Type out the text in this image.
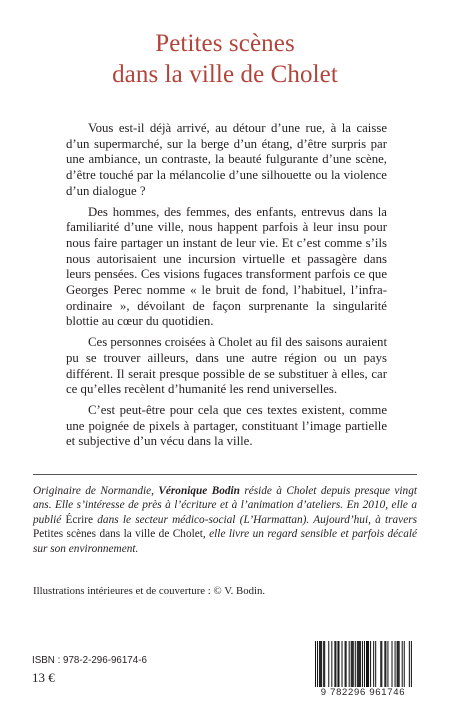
Petites scènes
dans la ville de Cholet

Vous est-il déjà arrivé, au détour d’une rue, à la caisse d’un supermarché, sur la berge d’un étang, d’être surpris par une ambiance, un contraste, la beauté fulgurante d’une scène, d’être touché par la mélancolie d’une silhouette ou la violence d’un dialogue ?

Des hommes, des femmes, des enfants, entrevus dans la familiarité d’une ville, nous happent parfois à leur insu pour nous faire partager un instant de leur vie. Et c’est comme s’ils nous autorisaient une incursion virtuelle et passagère dans leurs pensées. Ces visions fugaces transforment parfois ce que Georges Perec nomme « le bruit de fond, l’habituel, l’infra-ordinaire », dévoilant de façon surprenante la singularité blottie au cœur du quotidien.

Ces personnes croisées à Cholet au fil des saisons auraient pu se trouver ailleurs, dans une autre région ou un pays différent. Il serait presque possible de se substituer à elles, car ce qu’elles recèlent d’humanité les rend universelles.

C’est peut-être pour cela que ces textes existent, comme une poignée de pixels à partager, constituant l’image partielle et subjective d’un vécu dans la ville.

Originaire de Normandie, Véronique Bodin réside à Cholet depuis presque vingt ans. Elle s’intéresse de près à l’écriture et à l’animation d’ateliers. En 2010, elle a publié Écrire dans le secteur médico-social (L’Harmattan). Aujourd’hui, à travers Petites scènes dans la ville de Cholet, elle livre un regard sensible et parfois décalé sur son environnement.
Illustrations intérieures et de couverture : © V. Bodin.
ISBN : 978-2-296-96174-6
13 €
9 782296 961746
